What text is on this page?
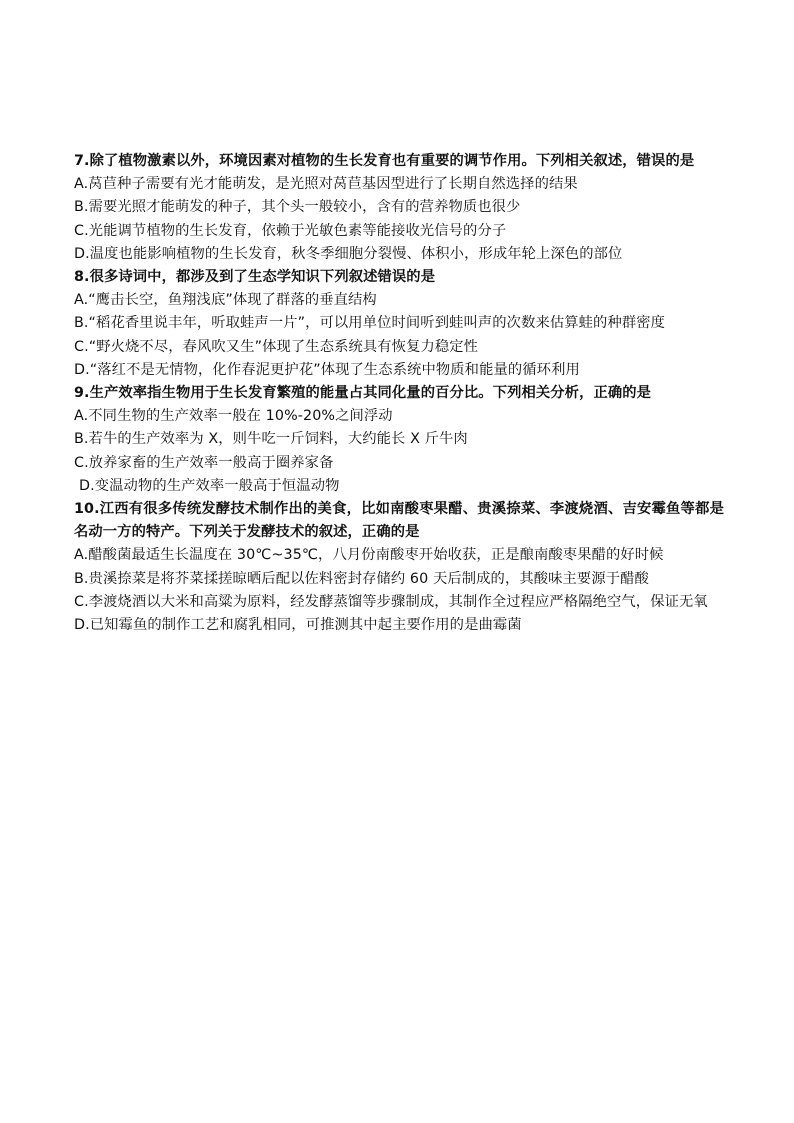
7.除了植物激素以外，环境因素对植物的生长发育也有重要的调节作用。下列相关叙述，错误的是
A.莴苣种子需要有光才能萌发，是光照对莴苣基因型进行了长期自然选择的结果
B.需要光照才能萌发的种子，其个头一般较小，含有的营养物质也很少
C.光能调节植物的生长发育，依赖于光敏色素等能接收光信号的分子
D.温度也能影响植物的生长发育，秋冬季细胞分裂慢、体积小，形成年轮上深色的部位
8.很多诗词中，都涉及到了生态学知识下列叙述错误的是
A.“鹰击长空，鱼翔浅底”体现了群落的垂直结构
B.“稻花香里说丰年，听取蛙声一片”，可以用单位时间听到蛙叫声的次数来估算蛙的种群密度
C.“野火烧不尽，春风吹又生”体现了生态系统具有恢复力稳定性
D.“落红不是无情物，化作春泥更护花”体现了生态系统中物质和能量的循环利用
9.生产效率指生物用于生长发育繁殖的能量占其同化量的百分比。下列相关分析，正确的是
A.不同生物的生产效率一般在 10%-20%之间浮动
B.若牛的生产效率为 X，则牛吃一斤饲料，大约能长 X 斤牛肉
C.放养家畜的生产效率一般高于圈养家备
D.变温动物的生产效率一般高于恒温动物
10.江西有很多传统发酵技术制作出的美食，比如南酸枣果醋、贵溪捺菜、李渡烧酒、吉安霉鱼等都是名动一方的特产。下列关于发酵技术的叙述，正确的是
A.醋酸菌最适生长温度在 30℃~35℃，八月份南酸枣开始收获，正是酿南酸枣果醋的好时候
B.贵溪捺菜是将芥菜揉搓晾晒后配以佐料密封存储约 60 天后制成的，其酸味主要源于醋酸
C.李渡烧酒以大米和高粱为原料，经发酵蒸馏等步骤制成，其制作全过程应严格隔绝空气，保证无氧
D.已知霉鱼的制作工艺和腐乳相同，可推测其中起主要作用的是曲霉菌
